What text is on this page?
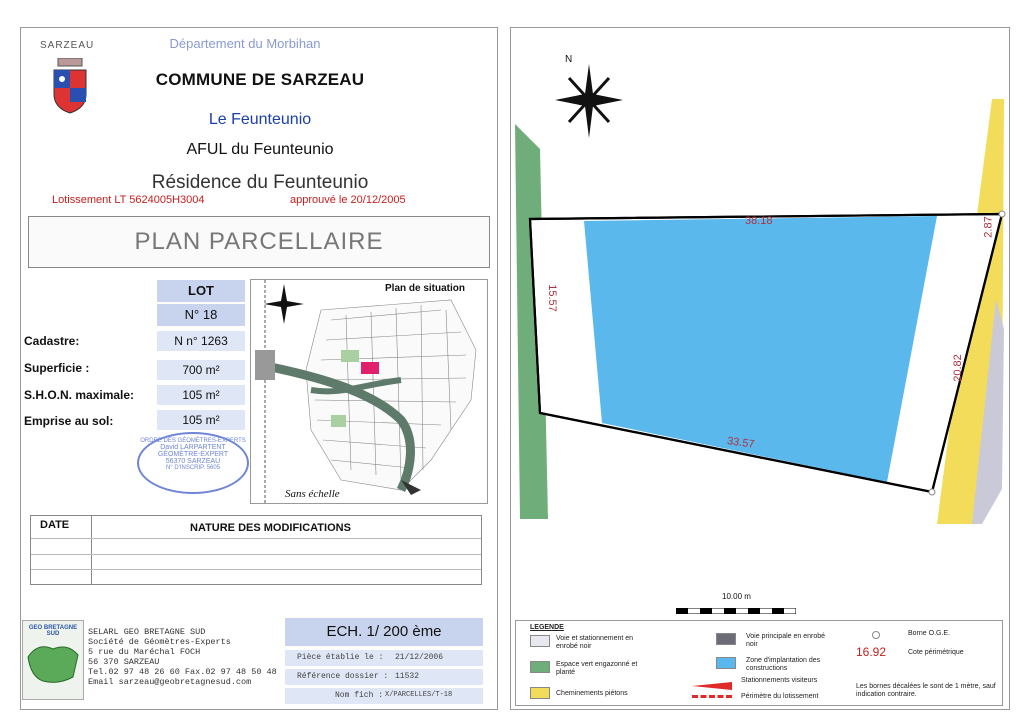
SARZEAU	Département du Morbihan
COMMUNE DE SARZEAU
Le Feunteunio
AFUL du Feunteunio
Résidence du Feunteunio
Lotissement LT 5624005H3004	approuvé le 20/12/2005
PLAN PARCELLAIRE
LOT
N° 18
Cadastre:	N n° 1263
Superficie :	700 m²
S.H.O.N. maximale:	105 m²
Emprise au sol:	105 m²
Plan de situation
Sans échelle
ORDRE DES GÉOMÈTRES-EXPERTS
David LARPARTENT
GÉOMÈTRE-EXPERT
56370 SARZEAU
N° D'INSCRIP. 5605
DATE	NATURE DES MODIFICATIONS
GEO BRETAGNE
SUD	SELARL GEO BRETAGNE SUD
Société de Géomètres-Experts
5 rue du Maréchal FOCH
56 370 SARZEAU
Tel.02 97 48 26 60 Fax.02 97 48 50 48
Email sarzeau@geobretagnesud.com
ECH. 1/ 200 ème
Pièce établie le : 21/12/2006
Référence dossier : 11532
Nom fich : X/PARCELLES/T-18
N
38.18
15.57
20.82
2.87
33.57
10.00 m
LEGENDE
Voie et stationnement en enrobé noir
Voie principale en enrobé noir
Espace vert engazonné et planté
Zone d'implantation des constructions
Cheminements piétons
Stationnements visiteurs
Périmètre du lotissement
Borne O.G.E.
16.92	Cote périmétrique
Les bornes décalées le sont de 1 mètre, sauf indication contraire.
